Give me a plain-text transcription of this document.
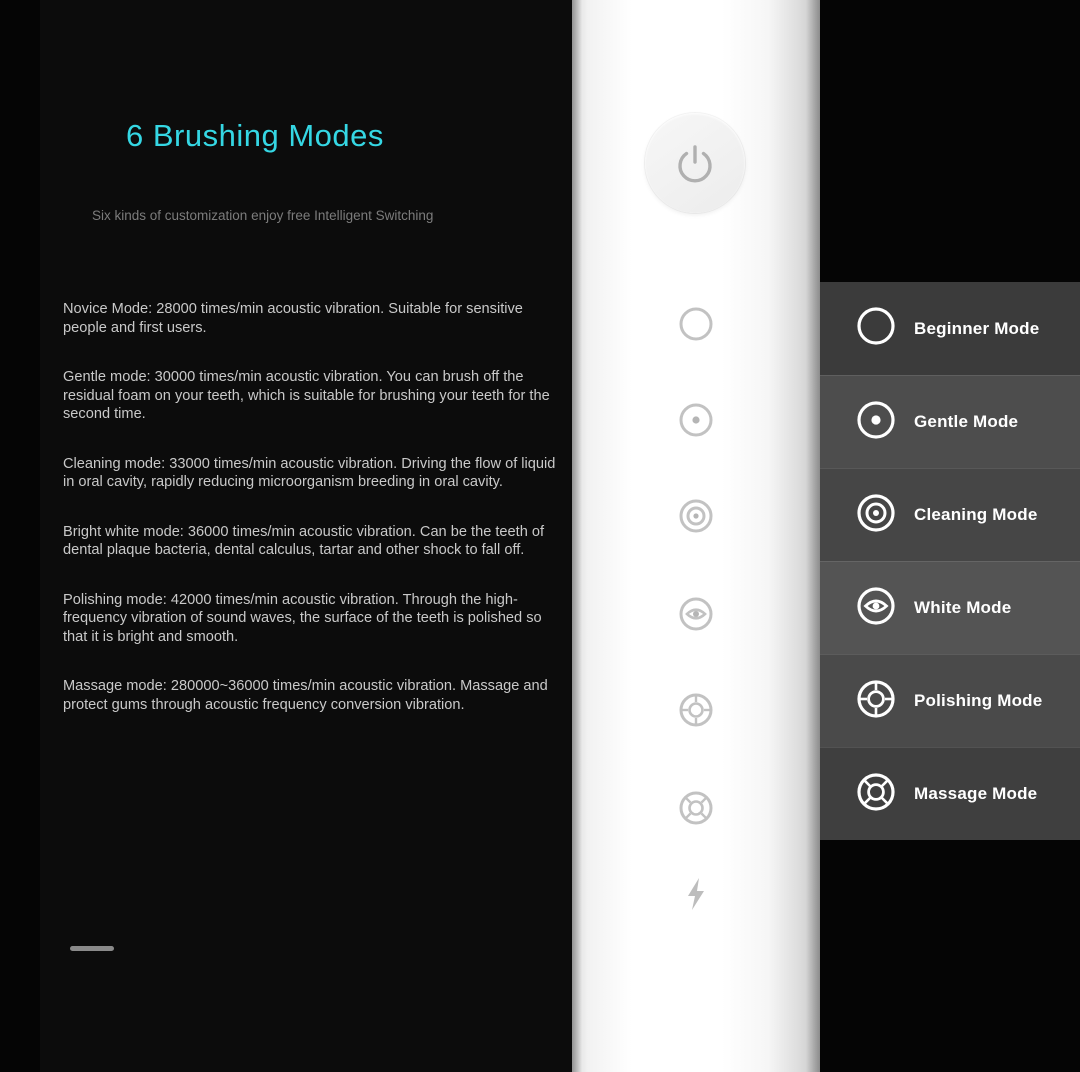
6 Brushing Modes
Six kinds of customization enjoy free Intelligent Switching
Novice Mode: 28000 times/min acoustic vibration. Suitable for sensitive people and first users.
Gentle mode: 30000 times/min acoustic vibration. You can brush off the residual foam on your teeth, which is suitable for brushing your teeth for the second time.
Cleaning mode: 33000 times/min acoustic vibration. Driving the flow of liquid in oral cavity, rapidly reducing microorganism breeding in oral cavity.
Bright white mode: 36000 times/min acoustic vibration. Can be the teeth of dental plaque bacteria, dental calculus, tartar and other shock to fall off.
Polishing mode: 42000 times/min acoustic vibration. Through the high-frequency vibration of sound waves, the surface of the teeth is polished so that it is bright and smooth.
Massage mode: 280000~36000 times/min acoustic vibration. Massage and protect gums through acoustic frequency conversion vibration.
Beginner Mode
Gentle Mode
Cleaning Mode
White Mode
Polishing Mode
Massage Mode
